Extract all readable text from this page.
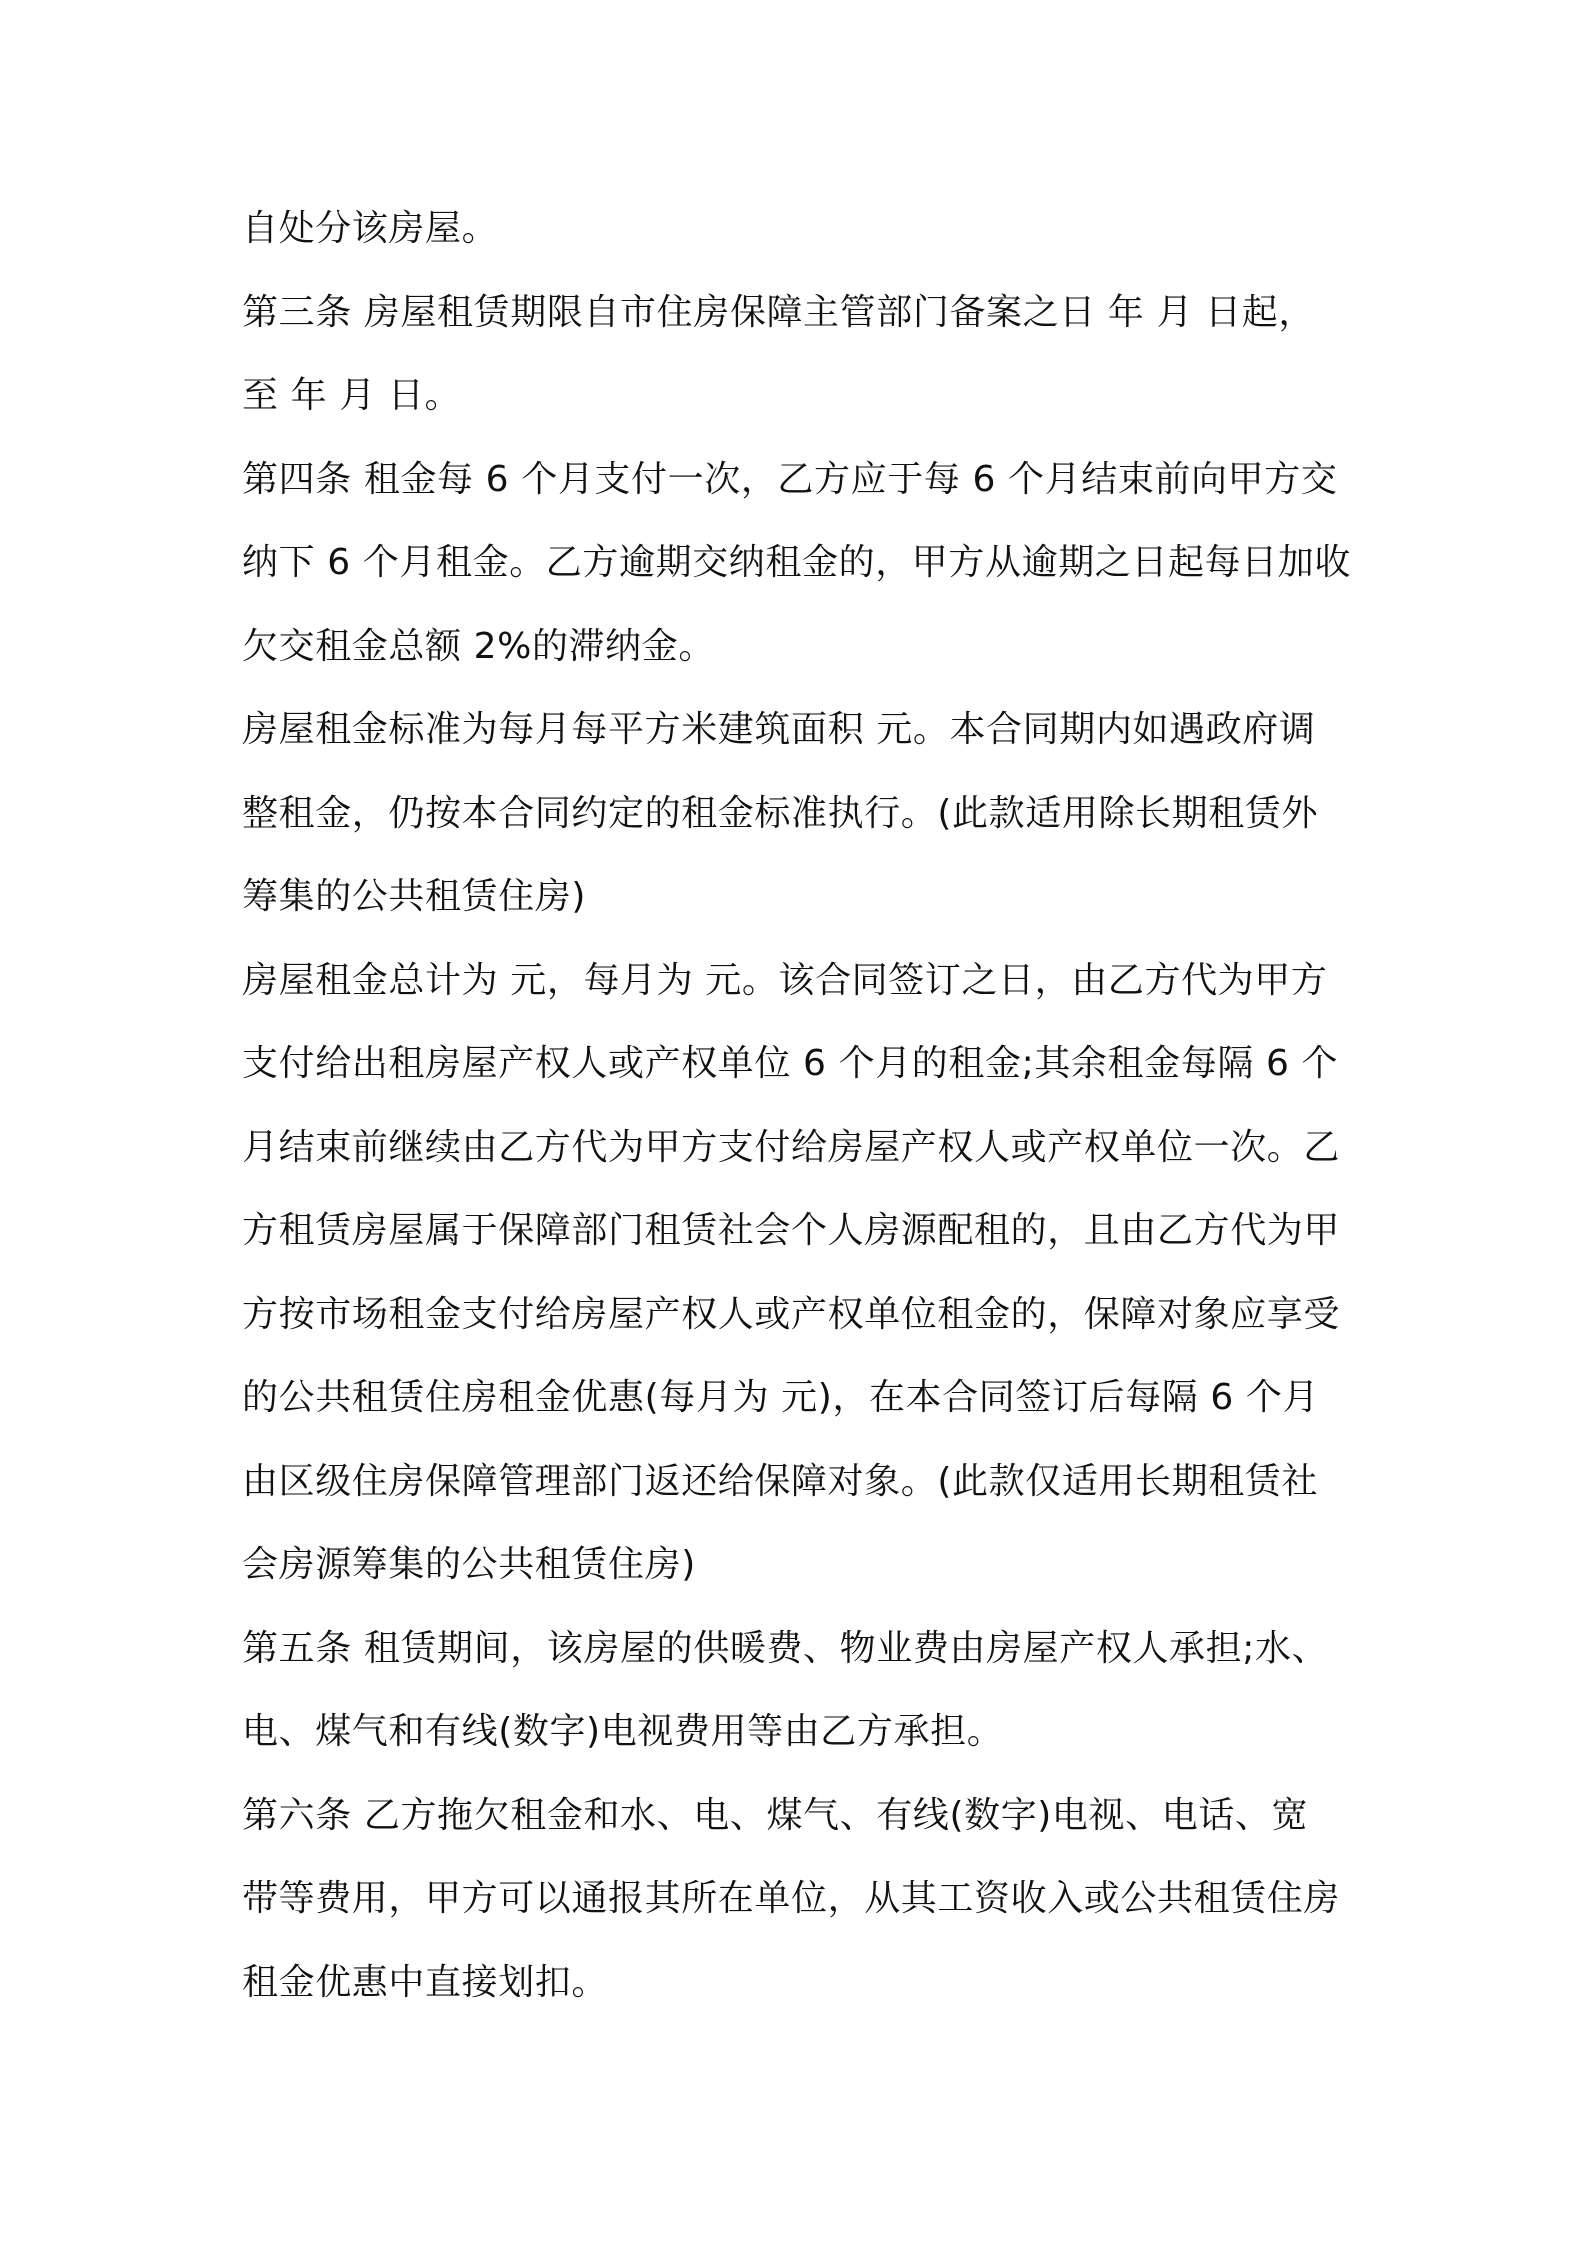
自处分该房屋。
第三条 房屋租赁期限自市住房保障主管部门备案之日 年 月 日起，
至 年 月 日。
第四条 租金每 6 个月支付一次，乙方应于每 6 个月结束前向甲方交
纳下 6 个月租金。乙方逾期交纳租金的，甲方从逾期之日起每日加收
欠交租金总额 2%的滞纳金。
房屋租金标准为每月每平方米建筑面积 元。本合同期内如遇政府调
整租金，仍按本合同约定的租金标准执行。(此款适用除长期租赁外
筹集的公共租赁住房)
房屋租金总计为 元，每月为 元。该合同签订之日，由乙方代为甲方
支付给出租房屋产权人或产权单位 6 个月的租金;其余租金每隔 6 个
月结束前继续由乙方代为甲方支付给房屋产权人或产权单位一次。乙
方租赁房屋属于保障部门租赁社会个人房源配租的，且由乙方代为甲
方按市场租金支付给房屋产权人或产权单位租金的，保障对象应享受
的公共租赁住房租金优惠(每月为 元)，在本合同签订后每隔 6 个月
由区级住房保障管理部门返还给保障对象。(此款仅适用长期租赁社
会房源筹集的公共租赁住房)
第五条 租赁期间，该房屋的供暖费、物业费由房屋产权人承担;水、
电、煤气和有线(数字)电视费用等由乙方承担。
第六条 乙方拖欠租金和水、电、煤气、有线(数字)电视、电话、宽
带等费用，甲方可以通报其所在单位，从其工资收入或公共租赁住房
租金优惠中直接划扣。
